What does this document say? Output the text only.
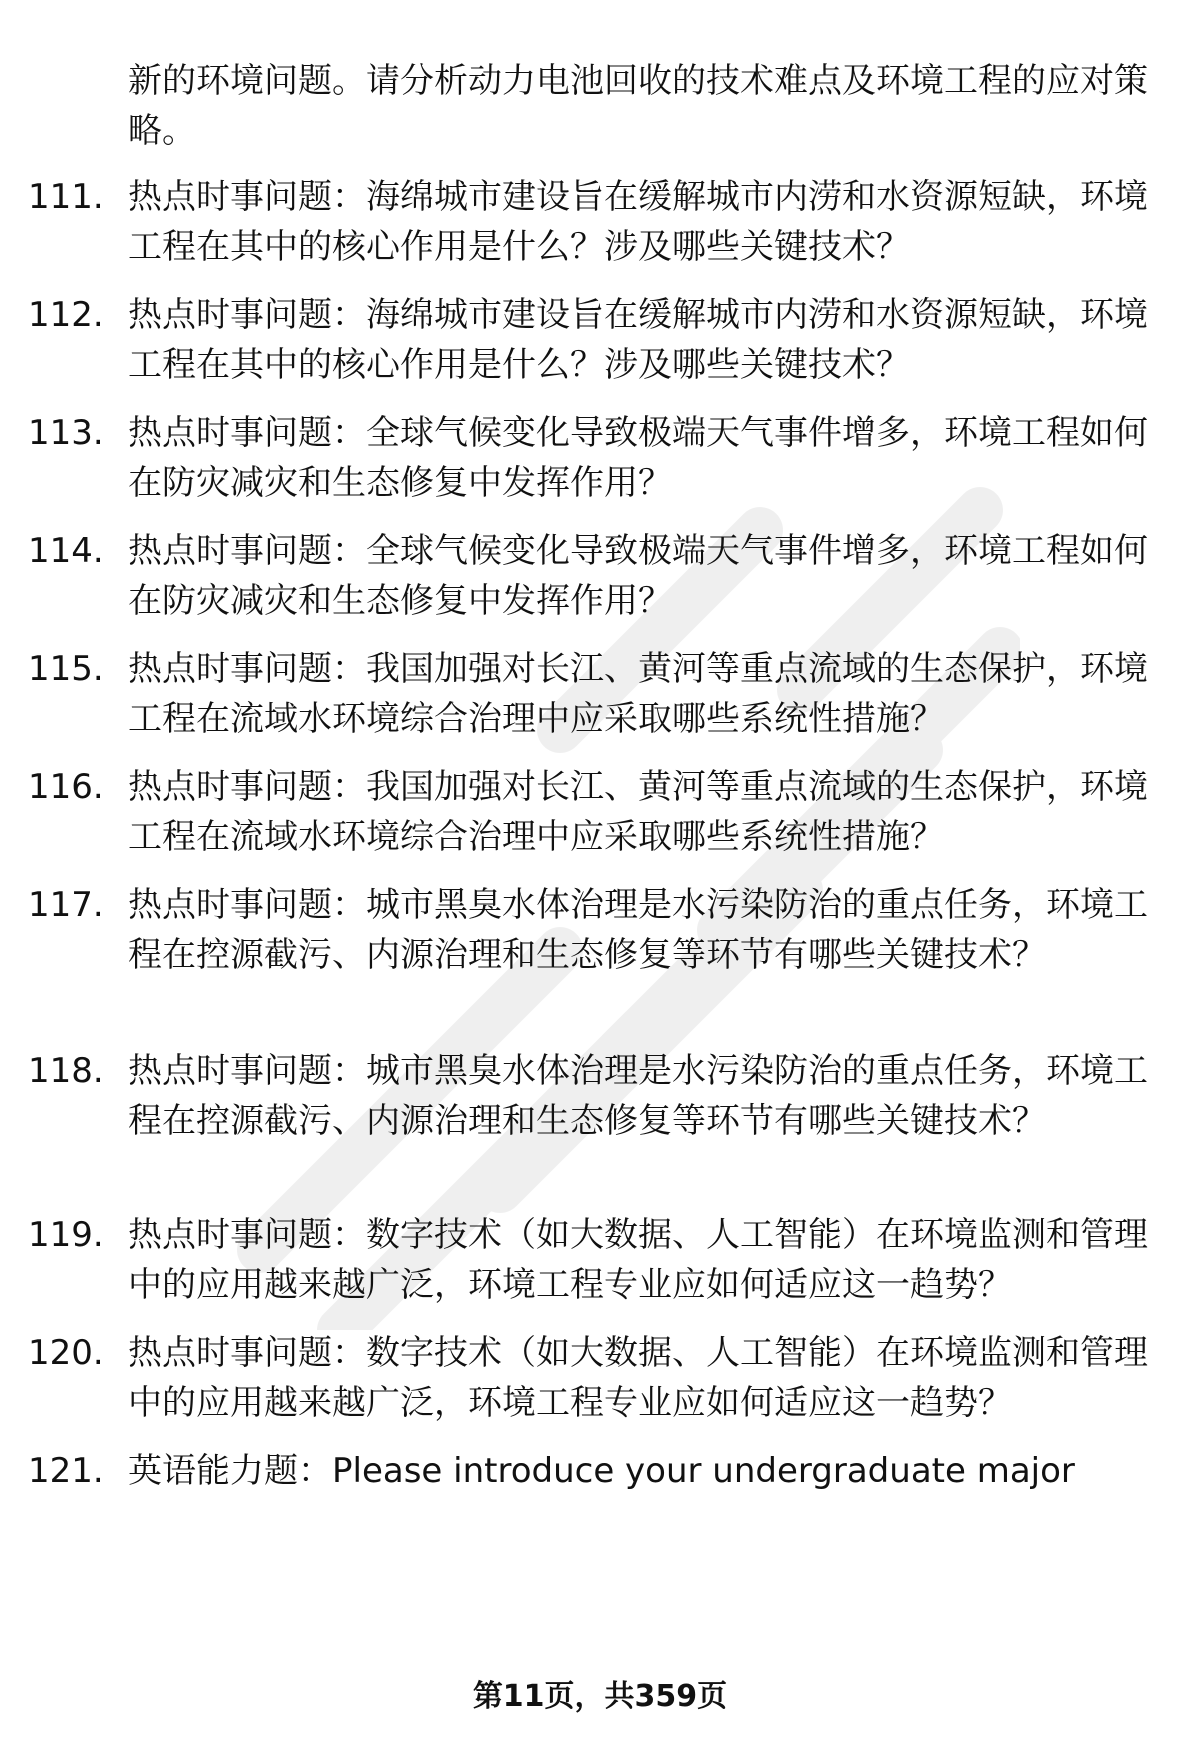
新的环境问题。请分析动力电池回收的技术难点及环境工程的应对策略。

111. 热点时事问题：海绵城市建设旨在缓解城市内涝和水资源短缺，环境工程在其中的核心作用是什么？涉及哪些关键技术？
112. 热点时事问题：海绵城市建设旨在缓解城市内涝和水资源短缺，环境工程在其中的核心作用是什么？涉及哪些关键技术？
113. 热点时事问题：全球气候变化导致极端天气事件增多，环境工程如何在防灾减灾和生态修复中发挥作用？
114. 热点时事问题：全球气候变化导致极端天气事件增多，环境工程如何在防灾减灾和生态修复中发挥作用？
115. 热点时事问题：我国加强对长江、黄河等重点流域的生态保护，环境工程在流域水环境综合治理中应采取哪些系统性措施？
116. 热点时事问题：我国加强对长江、黄河等重点流域的生态保护，环境工程在流域水环境综合治理中应采取哪些系统性措施？
117. 热点时事问题：城市黑臭水体治理是水污染防治的重点任务，环境工程在控源截污、内源治理和生态修复等环节有哪些关键技术？
118. 热点时事问题：城市黑臭水体治理是水污染防治的重点任务，环境工程在控源截污、内源治理和生态修复等环节有哪些关键技术？
119. 热点时事问题：数字技术（如大数据、人工智能）在环境监测和管理中的应用越来越广泛，环境工程专业应如何适应这一趋势？
120. 热点时事问题：数字技术（如大数据、人工智能）在环境监测和管理中的应用越来越广泛，环境工程专业应如何适应这一趋势？
121. 英语能力题：Please introduce your undergraduate major
第11页，共359页
